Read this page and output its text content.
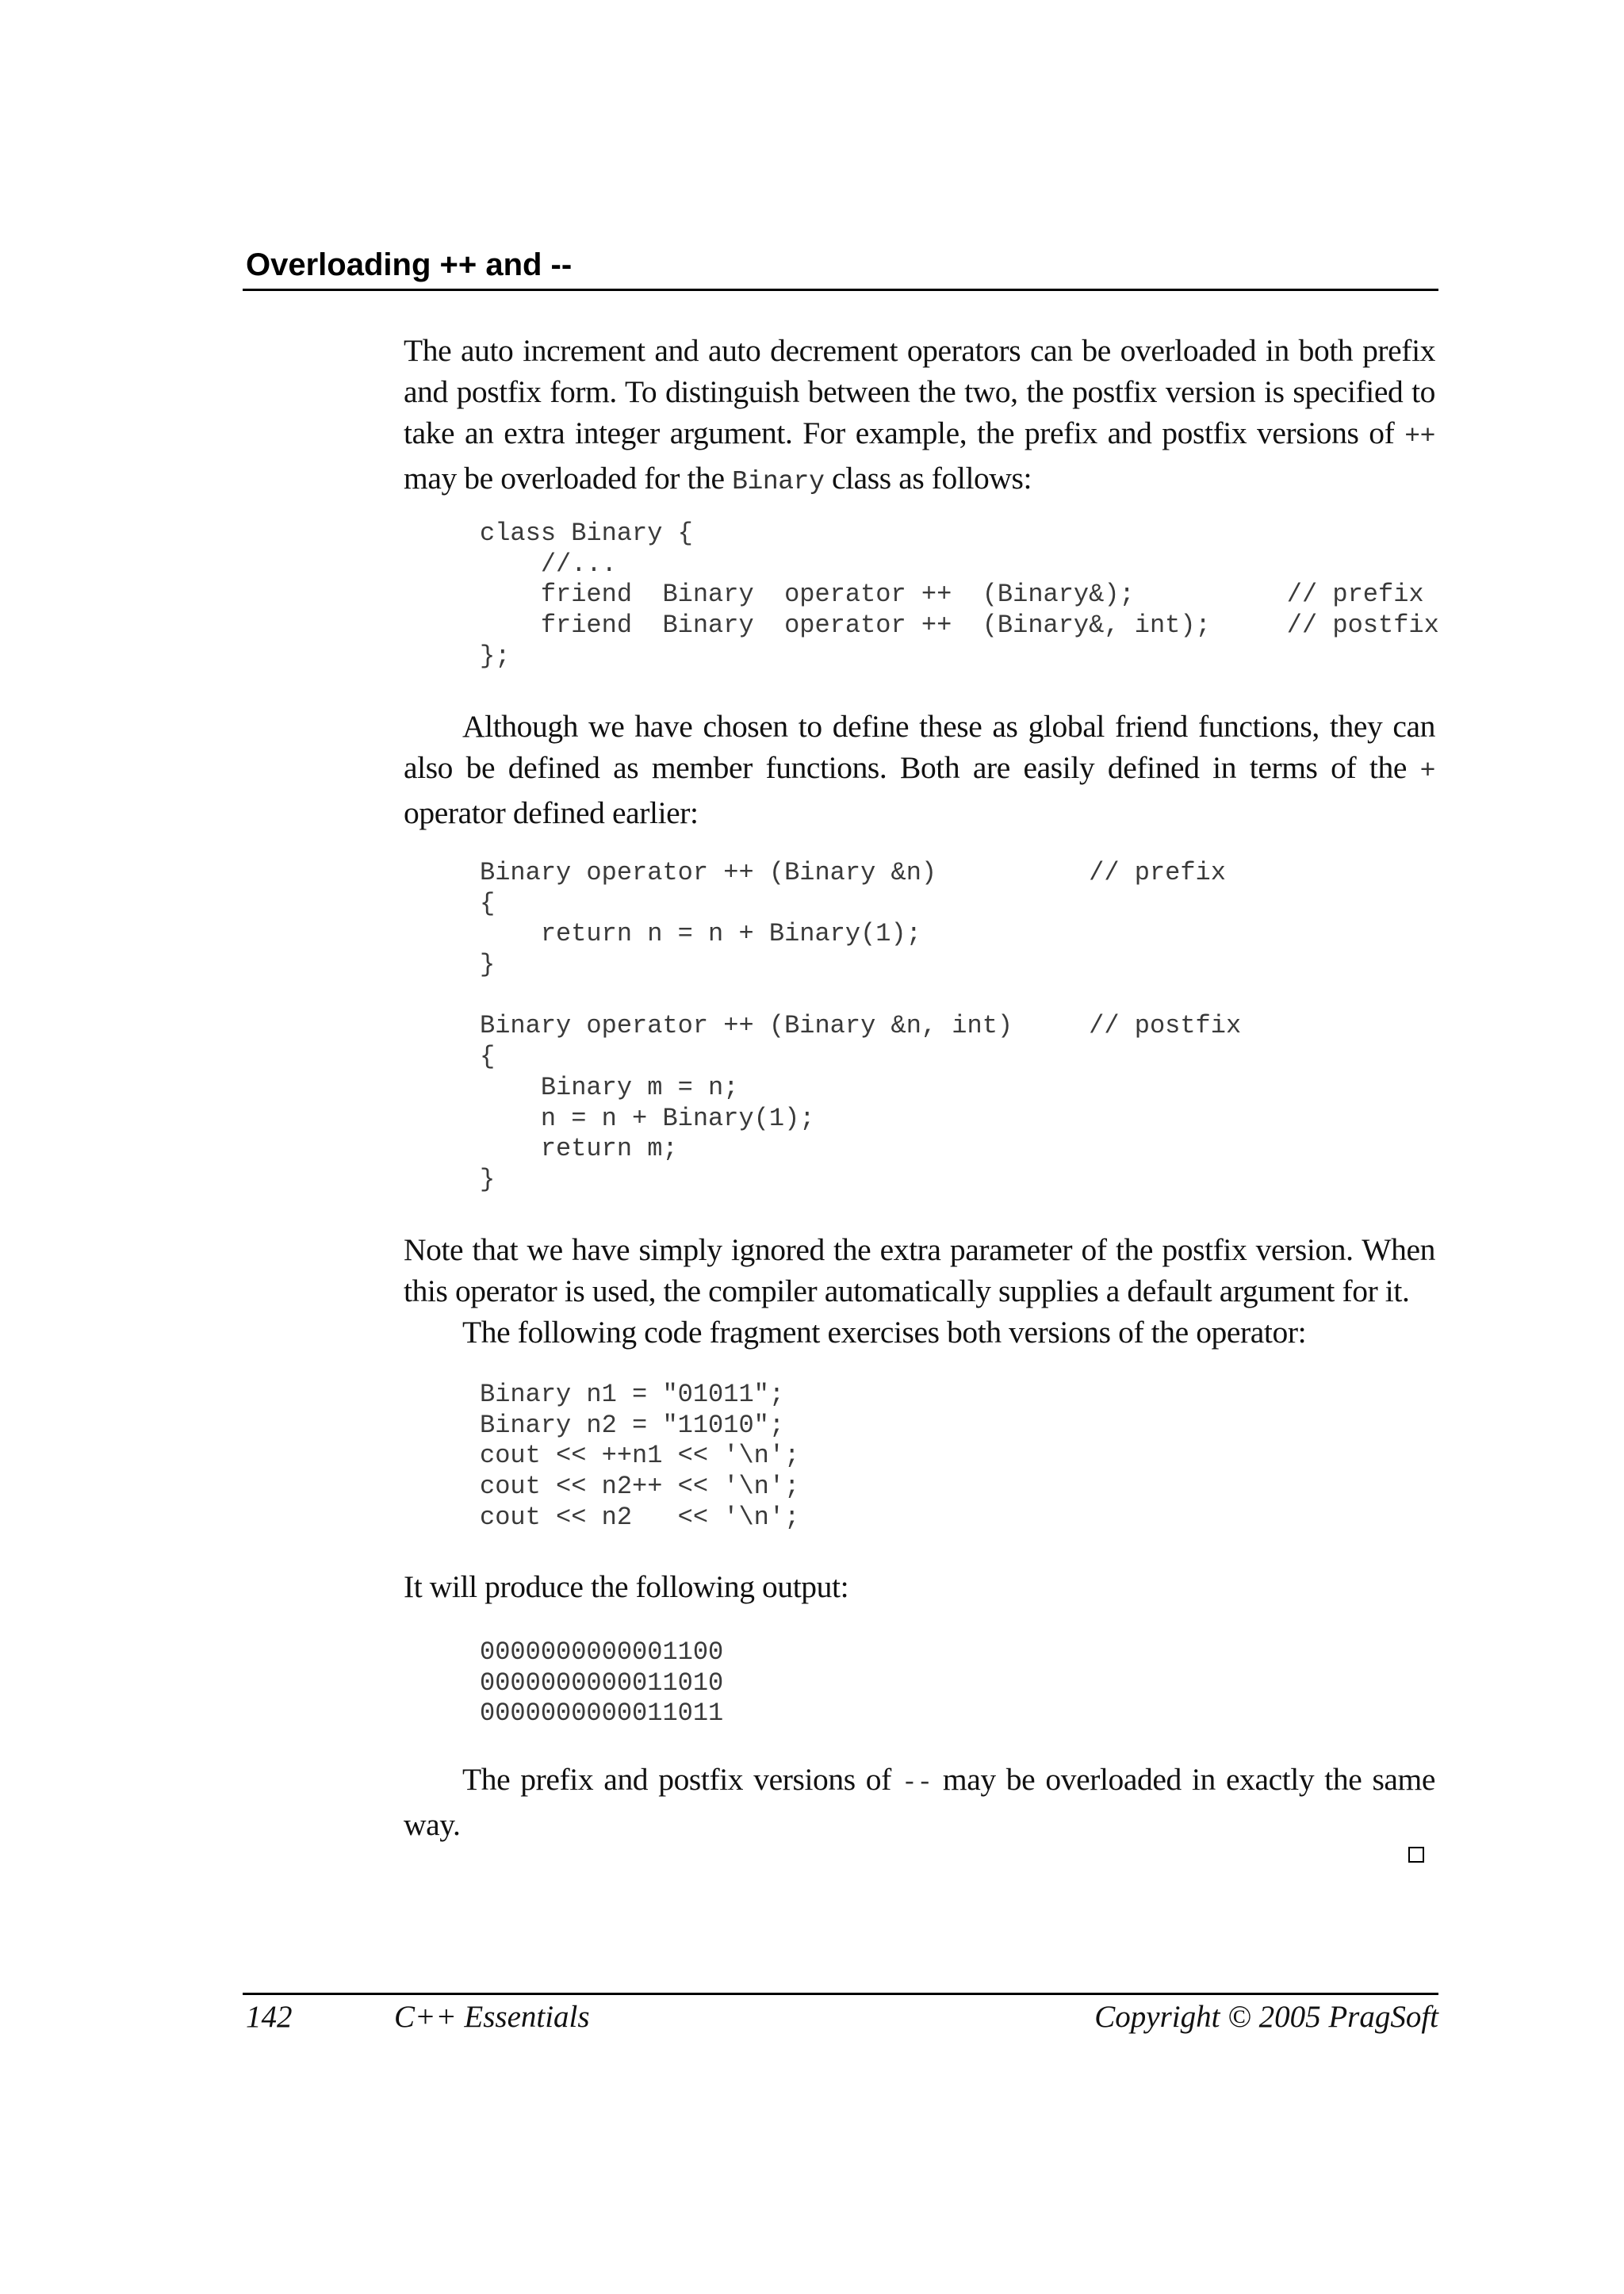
Overloading ++ and --

The auto increment and auto decrement operators can be overloaded in both prefix and postfix form. To distinguish between the two, the postfix version is specified to take an extra integer argument. For example, the prefix and postfix versions of ++ may be overloaded for the Binary class as follows:

class Binary {
//...
friend  Binary  operator ++  (Binary&);          // prefix
friend  Binary  operator ++  (Binary&, int);     // postfix
};

Although we have chosen to define these as global friend functions, they can also be defined as member functions. Both are easily defined in terms of the + operator defined earlier:

Binary operator ++ (Binary &n)          // prefix
{
return n = n + Binary(1);
}
Binary operator ++ (Binary &n, int)     // postfix
{
Binary m = n;
n = n + Binary(1);
return m;
}

Note that we have simply ignored the extra parameter of the postfix version. When this operator is used, the compiler automatically supplies a default argument for it.

The following code fragment exercises both versions of the operator:

Binary n1 = "01011";
Binary n2 = "11010";
cout << ++n1 << '\n';
cout << n2++ << '\n';
cout << n2   << '\n';

It will produce the following output:

0000000000001100
0000000000011010
0000000000011011

The prefix and postfix versions of -- may be overloaded in exactly the same way.

142	C++ Essentials	Copyright © 2005 PragSoft
